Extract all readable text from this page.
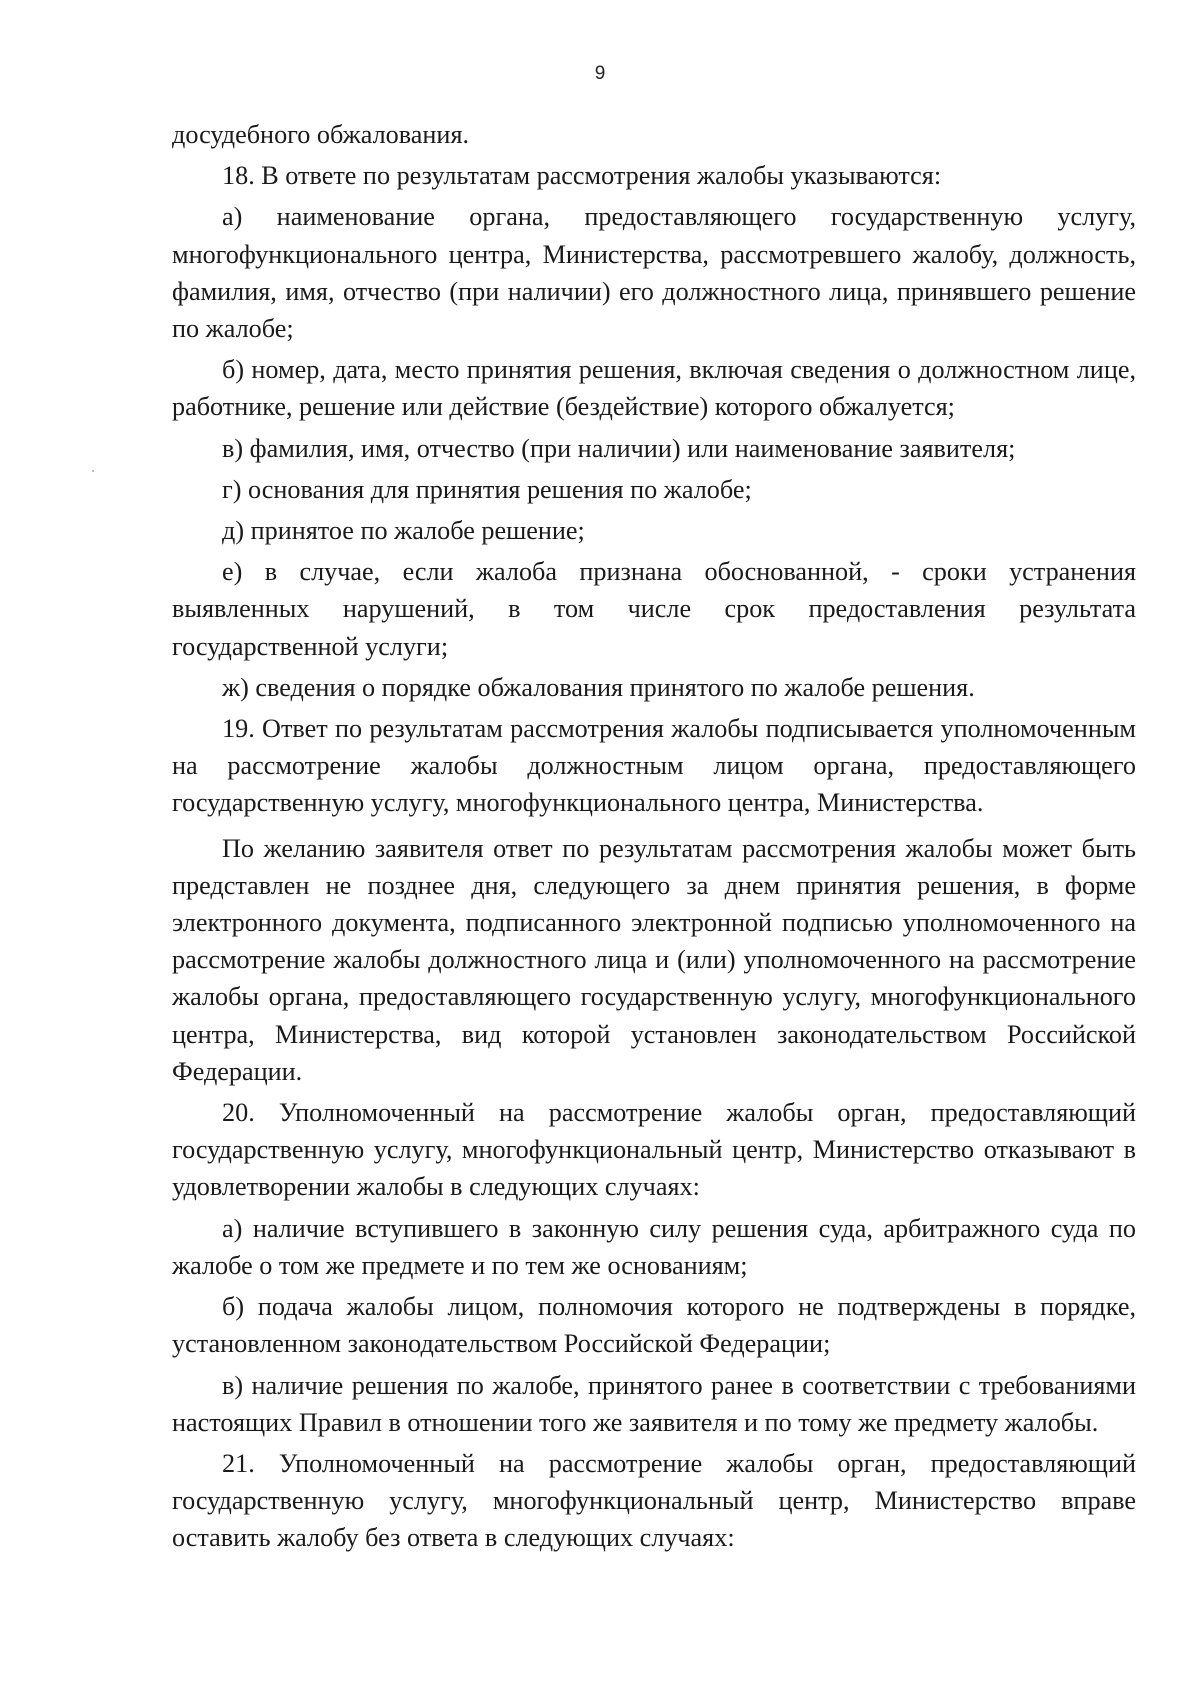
9

досудебного обжалования.

18. В ответе по результатам рассмотрения жалобы указываются:

а) наименование органа, предоставляющего государственную услугу, многофункционального центра, Министерства, рассмотревшего жалобу, должность, фамилия, имя, отчество (при наличии) его должностного лица, принявшего решение по жалобе;

б) номер, дата, место принятия решения, включая сведения о должностном лице, работнике, решение или действие (бездействие) которого обжалуется;

в) фамилия, имя, отчество (при наличии) или наименование заявителя;

г) основания для принятия решения по жалобе;

д) принятое по жалобе решение;

е) в случае, если жалоба признана обоснованной, - сроки устранения выявленных нарушений, в том числе срок предоставления результата государственной услуги;

ж) сведения о порядке обжалования принятого по жалобе решения.

19. Ответ по результатам рассмотрения жалобы подписывается уполномоченным на рассмотрение жалобы должностным лицом органа, предоставляющего государственную услугу, многофункционального центра, Министерства.

По желанию заявителя ответ по результатам рассмотрения жалобы может быть представлен не позднее дня, следующего за днем принятия решения, в форме электронного документа, подписанного электронной подписью уполномоченного на рассмотрение жалобы должностного лица и (или) уполномоченного на рассмотрение жалобы органа, предоставляющего государственную услугу, многофункционального центра, Министерства, вид которой установлен законодательством Российской Федерации.

20. Уполномоченный на рассмотрение жалобы орган, предоставляющий государственную услугу, многофункциональный центр, Министерство отказывают в удовлетворении жалобы в следующих случаях:

а) наличие вступившего в законную силу решения суда, арбитражного суда по жалобе о том же предмете и по тем же основаниям;

б) подача жалобы лицом, полномочия которого не подтверждены в порядке, установленном законодательством Российской Федерации;

в) наличие решения по жалобе, принятого ранее в соответствии с требованиями настоящих Правил в отношении того же заявителя и по тому же предмету жалобы.

21. Уполномоченный на рассмотрение жалобы орган, предоставляющий государственную услугу, многофункциональный центр, Министерство вправе оставить жалобу без ответа в следующих случаях:
